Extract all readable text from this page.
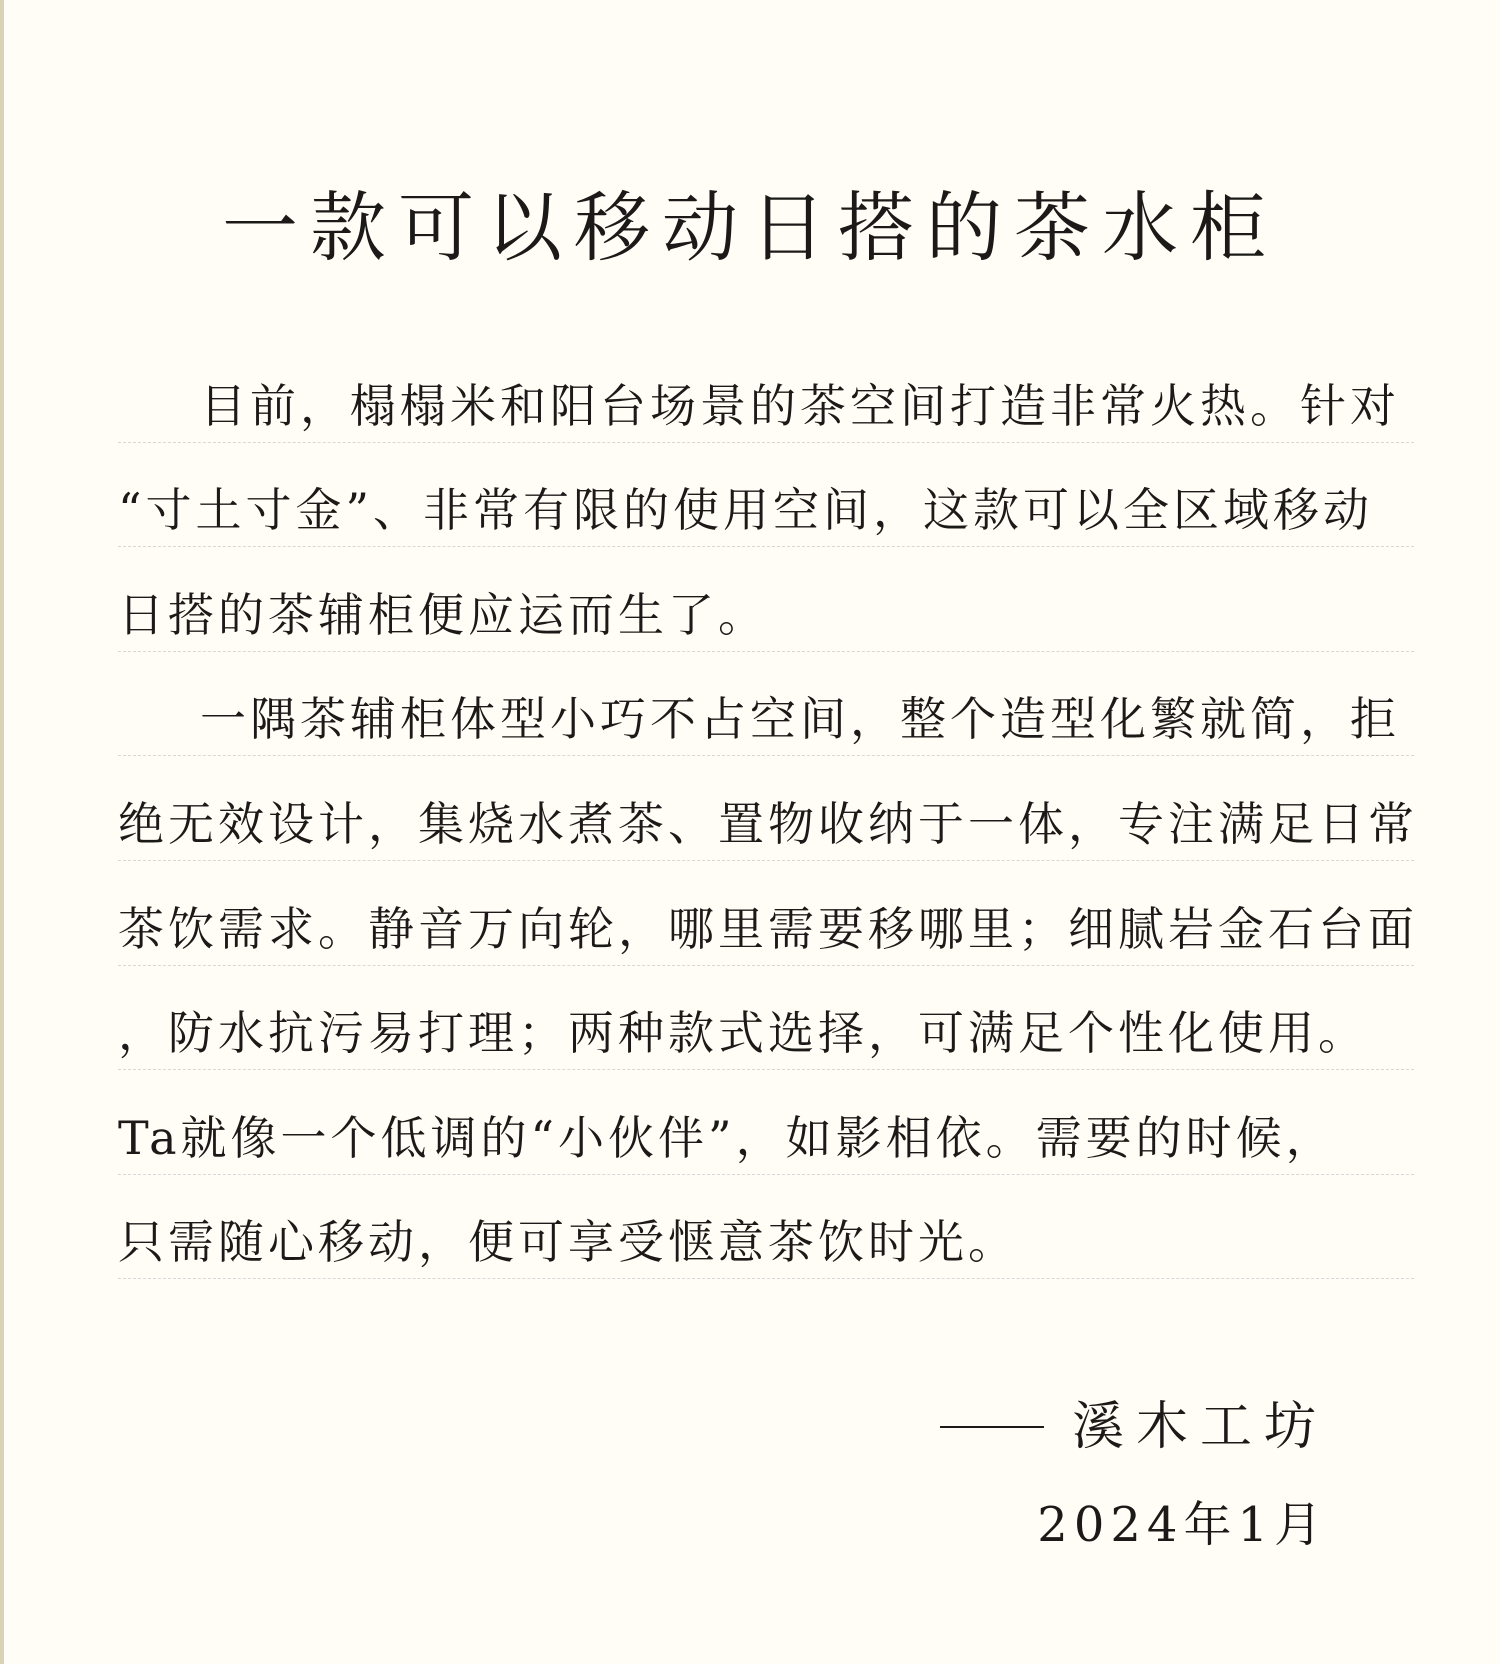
一款可以移动日搭的茶水柜
目前，榻榻米和阳台场景的茶空间打造非常火热。针对
“寸土寸金”、非常有限的使用空间，这款可以全区域移动
日搭的茶辅柜便应运而生了。
一隅茶辅柜体型小巧不占空间，整个造型化繁就简，拒
绝无效设计，集烧水煮茶、置物收纳于一体，专注满足日常
茶饮需求。静音万向轮，哪里需要移哪里；细腻岩金石台面
，防水抗污易打理；两种款式选择，可满足个性化使用。
Ta就像一个低调的“小伙伴”，如影相依。需要的时候，
只需随心移动，便可享受惬意茶饮时光。
溪木工坊
2024年1月
